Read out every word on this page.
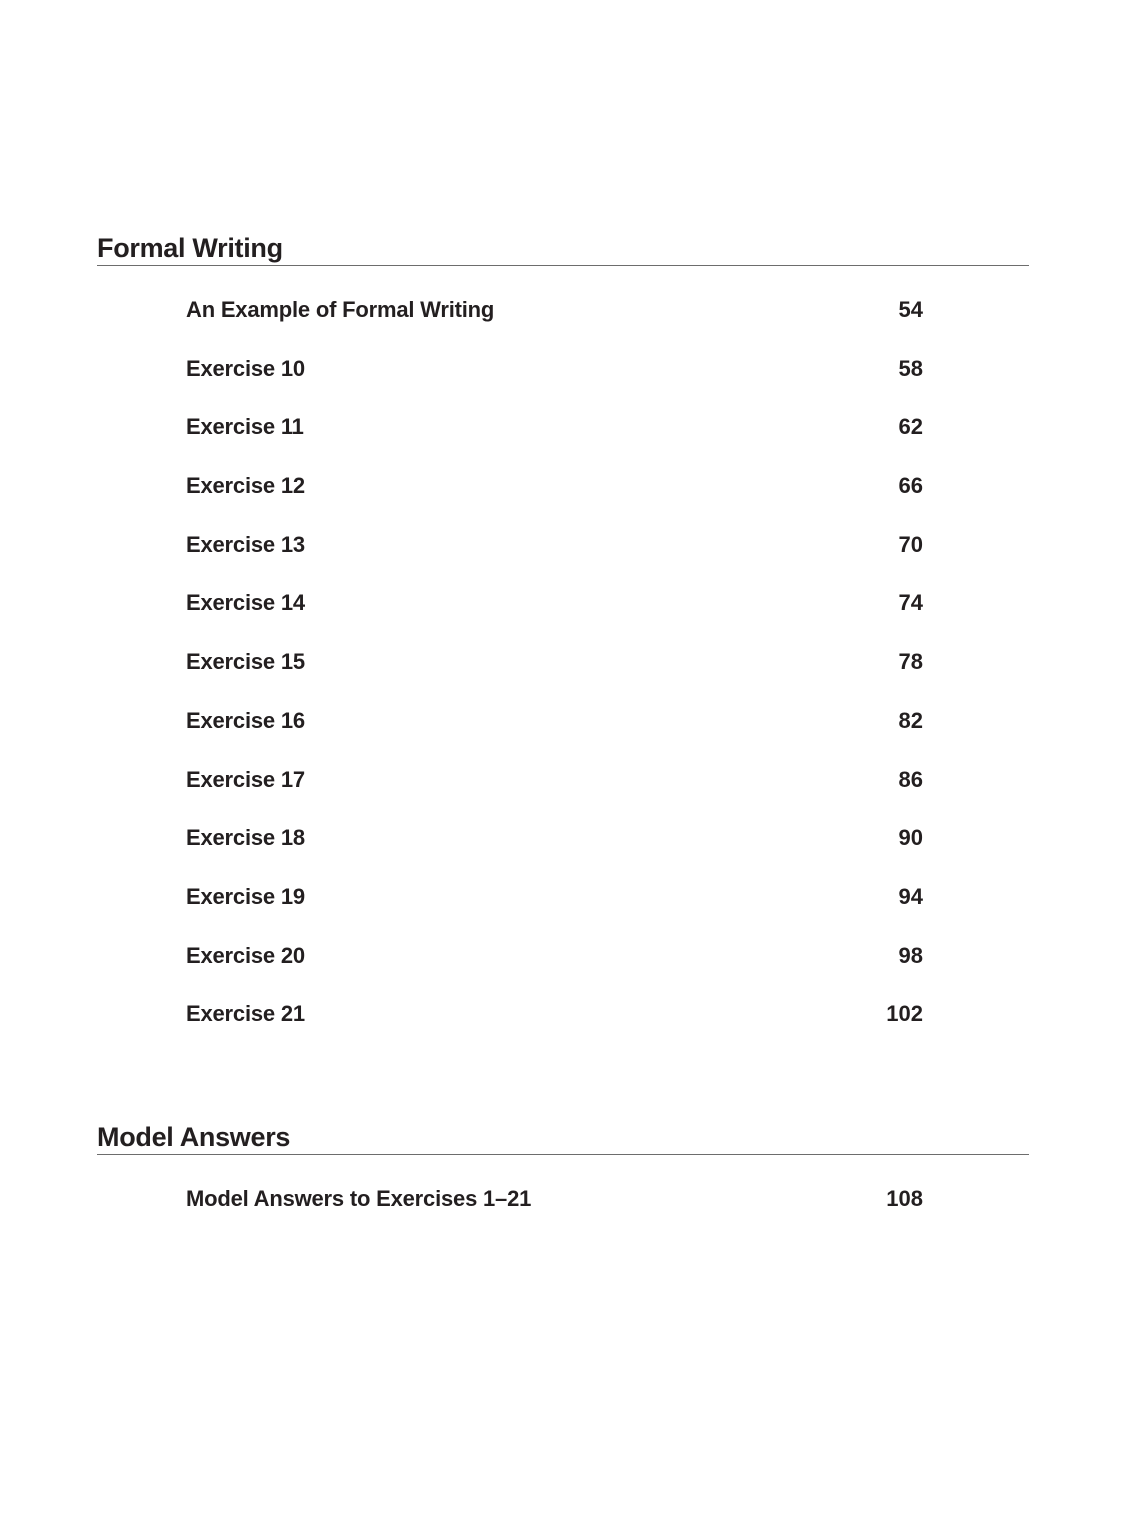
Formal Writing
An Example of Formal Writing	54
Exercise 10	58
Exercise 11	62
Exercise 12	66
Exercise 13	70
Exercise 14	74
Exercise 15	78
Exercise 16	82
Exercise 17	86
Exercise 18	90
Exercise 19	94
Exercise 20	98
Exercise 21	102
Model Answers
Model Answers to Exercises 1–21	108
